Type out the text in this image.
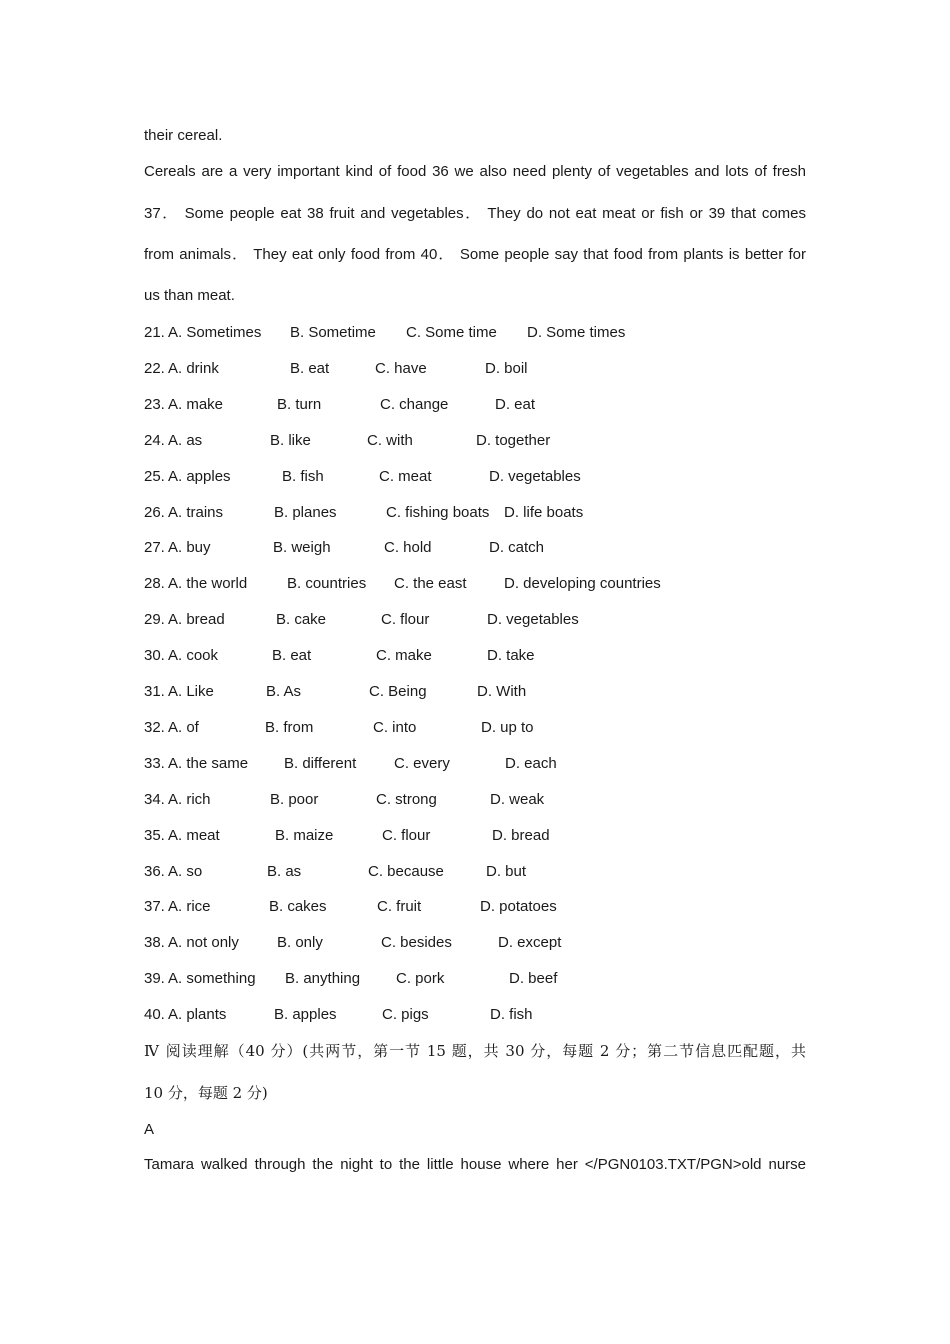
their cereal.
Cereals are a very important kind of food 36 we also need plenty of vegetables and lots of fresh
37． Some people eat 38 fruit and vegetables． They do not eat meat or fish or 39 that comes
from animals． They eat only food from 40． Some people say that food from plants is better for
us than meat.
21. A. Sometimes B. Sometime C. Some time D. Some times
22. A. drink	B. eat	C. have	D. boil
23. A. make	B. turn	C. change	D. eat
24. A. as	B. like	C. with	D. together
25. A. apples	B. fish	C. meat	D. vegetables
26. A. trains	B. planes	C. fishing boats D. life boats
27. A. buy	B. weigh	C. hold	D. catch
28. A. the world	B. countries C. the east D. developing countries
29. A. bread	B. cake	C. flour	D. vegetables
30. A. cook	B. eat	C. make	D. take
31. A. Like	B. As	C. Being	D. With
32. A. of	B. from	C. into	D. up to
33. A. the same B. different	C. every	D. each
34. A. rich	B. poor	C. strong	D. weak
35. A. meat	B. maize	C. flour	D. bread
36. A. so	B. as	C. because	D. but
37. A. rice	B. cakes	C. fruit	D. potatoes
38. A. not only	B. only	C. besides	D. except
39. A. something B. anything C. pork	D. beef
40. A. plants	B. apples	C. pigs	D. fish
Ⅳ 阅读理解（40 分）(共两节，第一节 15 题，共 30 分，每题 2 分；第二节信息匹配题，共
10 分，每题 2 分)
A
Tamara walked through the night to the little house where her </PGN0103.TXT/PGN>old nurse
